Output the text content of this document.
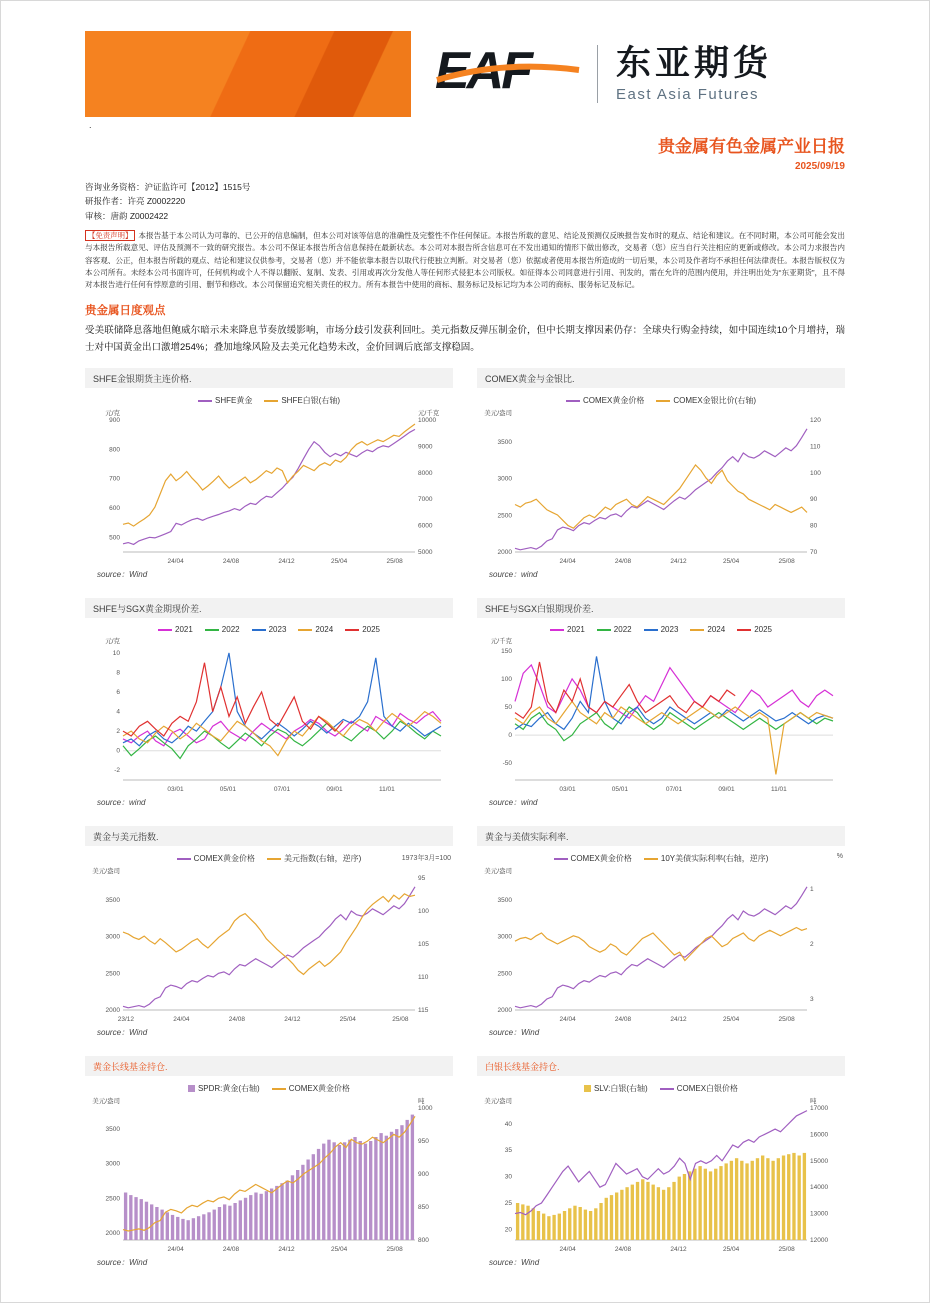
EAF 东亚期货
East Asia Futures
.
贵金属有色金属产业日报
2025/09/19
咨询业务资格：沪证监许可【2012】1515号
研报作者：许亮 Z0002220
审核：唐韵 Z0002422
【免责声明】 本报告基于本公司认为可靠的、已公开的信息编制，但本公司对该等信息的准确性及完整性不作任何保证。本报告所载的意见、结论及预测仅反映报告发布时的观点、结论和建议。在不同时期，本公司可能会发出与本报告所载意见、评估及预测不一致的研究报告。本公司不保证本报告所含信息保持在最新状态。本公司对本报告所含信息可在不发出通知的情形下做出修改，交易者（您）应当自行关注相应的更新或修改。本公司力求报告内容客观、公正，但本报告所载的观点、结论和建议仅供参考，交易者（您）并不能依靠本报告以取代行使独立判断。对交易者（您）依据或者使用本报告所造成的一切后果，本公司及作者均不承担任何法律责任。本报告版权仅为本公司所有。未经本公司书面许可，任何机构或个人不得以翻版、复制、发表、引用或再次分发他人等任何形式侵犯本公司版权。如征得本公司同意进行引用、刊发的，需在允许的范围内使用，并注明出处为“东亚期货”，且不得对本报告进行任何有悖原意的引用、删节和修改。本公司保留追究相关责任的权力。所有本报告中使用的商标、服务标记及标记均为本公司的商标、服务标记及标记。
贵金属日度观点
受美联储降息落地但鲍威尔暗示未来降息节奏放缓影响，市场分歧引发获利回吐。美元指数反弹压制金价，但中长期支撑因素仍存：全球央行购金持续，如中国连续10个月增持，瑞士对中国黄金出口激增254%；叠加地缘风险及去美元化趋势未改，金价回调后底部支撑稳固。
SHFE金银期货主连价格.
SHFE黄金	SHFE白银(右轴)
500
600
700
800
900
元/克
5000
6000
7000
8000
9000
10000
元/千克
24/04	24/08	24/12	25/04	25/08
source：Wind
COMEX黄金与金银比.
COMEX黄金价格	COMEX金银比价(右轴)
2000
2500
3000
3500
美元/盎司
70
80
90
100
110
120
24/04	24/08	24/12	25/04	25/08
source：wind
SHFE与SGX黄金期现价差.
2021	2022	2023	2024	2025
-2
0
2
4
6
8
10
元/克
03/01	05/01	07/01	09/01	11/01
source：wind
SHFE与SGX白银期现价差.
2021	2022	2023	2024	2025
-50
0
50
100
150
元/千克
03/01	05/01	07/01	09/01	11/01
source：wind
黄金与美元指数.
COMEX黄金价格	美元指数(右轴，逆序)	1973年3月=100
2000
2500
3000
3500
美元/盎司
95
100
105
110
115
23/12	24/04	24/08	24/12	25/04	25/08
source：Wind
黄金与美债实际利率.
COMEX黄金价格	10Y美债实际利率(右轴，逆序)	%
2000
2500
3000
3500
美元/盎司
1
2
3
24/04	24/08	24/12	25/04	25/08
source：Wind
黄金长线基金持仓.
SPDR:黄金(右轴)	COMEX黄金价格
2000
2500
3000
3500
美元/盎司
800
850
900
950
1000
吨
24/04	24/08	24/12	25/04	25/08
source：Wind
白银长线基金持仓.
SLV:白银(右轴)	COMEX白银价格
20
25
30
35
40
美元/盎司
12000
13000
14000
15000
16000
17000
吨
24/04	24/08	24/12	25/04	25/08
source：Wind
